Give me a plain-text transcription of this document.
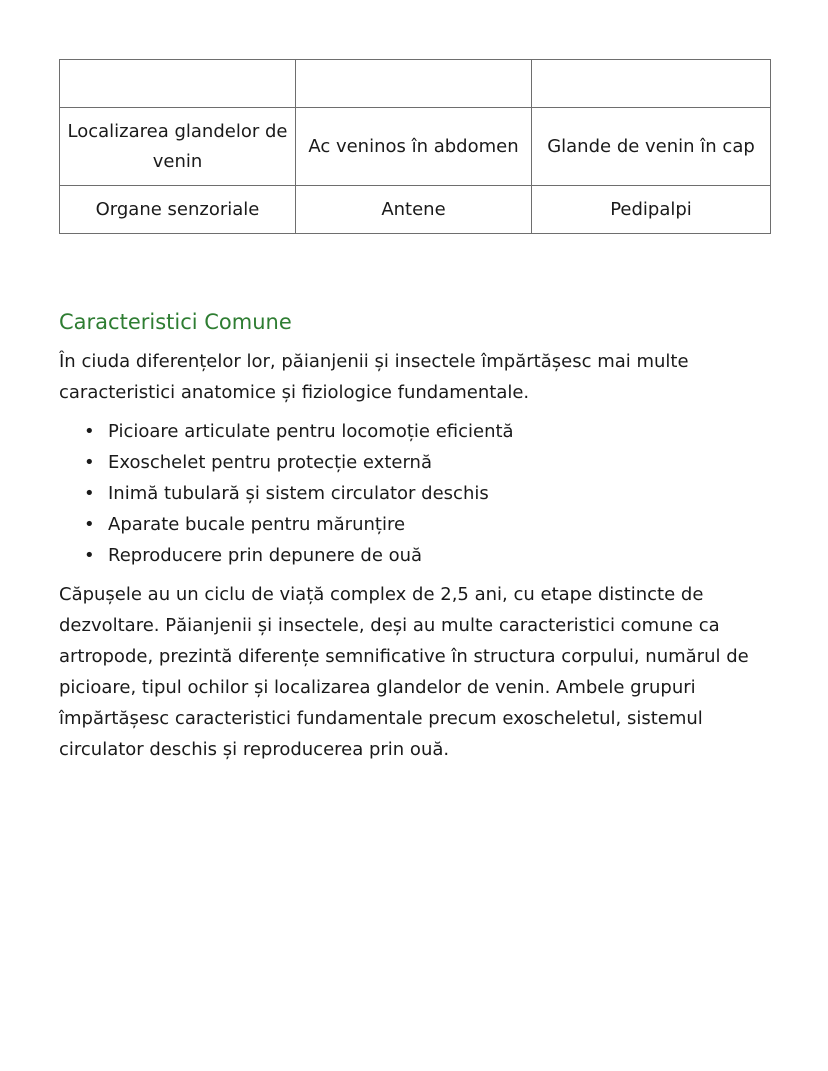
Localizarea glandelor de venin	Ac veninos în abdomen	Glande de venin în cap
Organe senzoriale	Antene	Pedipalpi
Caracteristici Comune

În ciuda diferențelor lor, păianjenii și insectele împărtășesc mai multe caracteristici anatomice și fiziologice fundamentale.

• Picioare articulate pentru locomoție eficientă
• Exoschelet pentru protecție externă
• Inimă tubulară și sistem circulator deschis
• Aparate bucale pentru mărunțire
• Reproducere prin depunere de ouă

Căpușele au un ciclu de viață complex de 2,5 ani, cu etape distincte de dezvoltare. Păianjenii și insectele, deși au multe caracteristici comune ca artropode, prezintă diferențe semnificative în structura corpului, numărul de picioare, tipul ochilor și localizarea glandelor de venin. Ambele grupuri împărtășesc caracteristici fundamentale precum exoscheletul, sistemul circulator deschis și reproducerea prin ouă.
